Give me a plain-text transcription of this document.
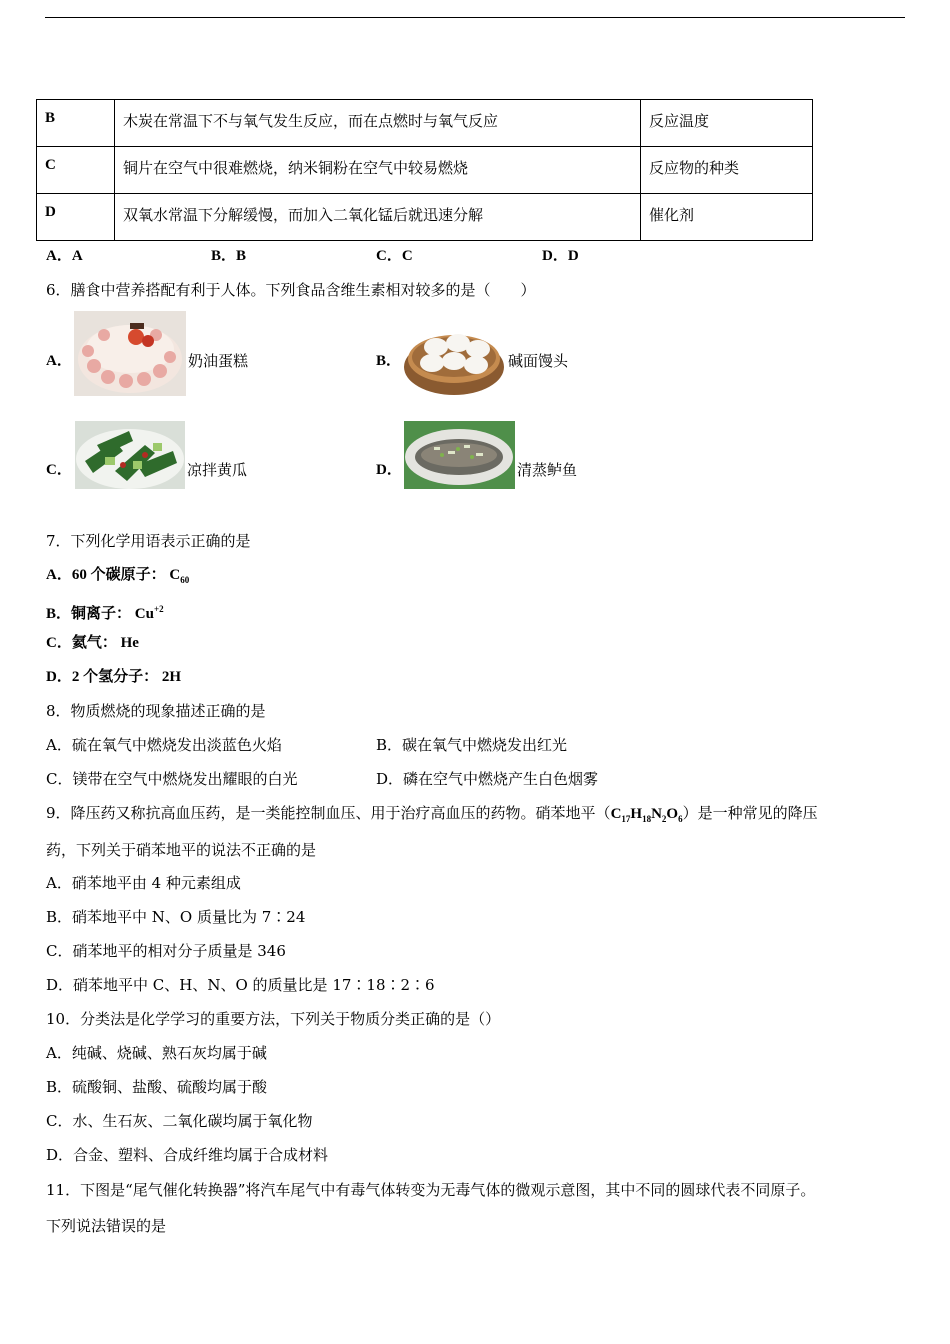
B	木炭在常温下不与氧气发生反应，而在点燃时与氧气反应	反应温度
C	铜片在空气中很难燃烧，纳米铜粉在空气中较易燃烧	反应物的种类
D	双氧水常温下分解缓慢，而加入二氧化锰后就迅速分解	催化剂
A．A	B．B	C．C	D．D
6．膳食中营养搭配有利于人体。下列食品含维生素相对较多的是（　　）
A．	奶油蛋糕	B．	碱面馒头
C．	凉拌黄瓜	D．	清蒸鲈鱼
7．下列化学用语表示正确的是
A．60 个碳原子： $C_{60}$
B．铜离子： $Cu^{+2}$
C．氦气： He
D．2 个氢分子： 2H
8．物质燃烧的现象描述正确的是
A．硫在氧气中燃烧发出淡蓝色火焰	B．碳在氧气中燃烧发出红光
C．镁带在空气中燃烧发出耀眼的白光	D．磷在空气中燃烧产生白色烟雾
9．降压药又称抗高血压药，是一类能控制血压、用于治疗高血压的药物。硝苯地平$(C_{17}H_{18}N_2O_6)$是一种常见的降压
药，下列关于硝苯地平的说法不正确的是
A．硝苯地平由 4 种元素组成
B．硝苯地平中 N、O 质量比为 7∶24
C．硝苯地平的相对分子质量是 346
D．硝苯地平中 C、H、N、O 的质量比是 17∶18∶2∶6
10．分类法是化学学习的重要方法，下列关于物质分类正确的是（）
A．纯碱、烧碱、熟石灰均属于碱
B．硫酸铜、盐酸、硫酸均属于酸
C．水、生石灰、二氧化碳均属于氧化物
D．合金、塑料、合成纤维均属于合成材料
11．下图是“尾气催化转换器”将汽车尾气中有毒气体转变为无毒气体的微观示意图，其中不同的圆球代表不同原子。
下列说法错误的是
